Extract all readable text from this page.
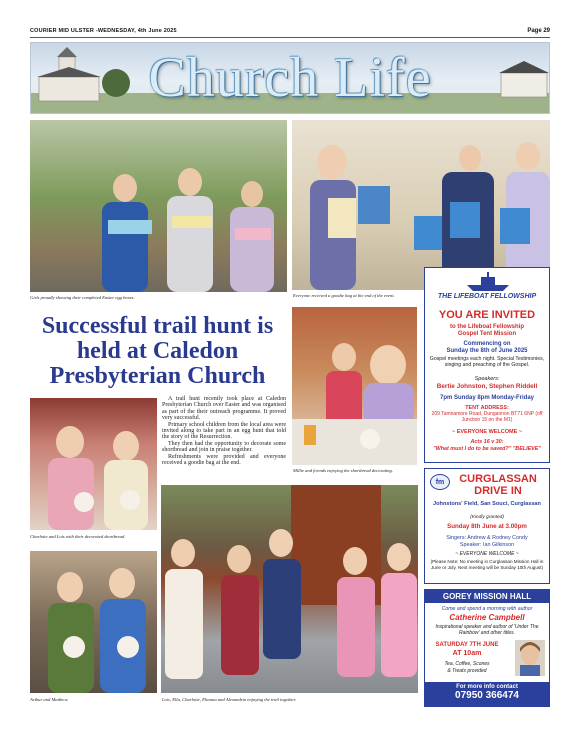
COURIER MID ULSTER -WEDNESDAY, 4th June 2025	Page 29
Church Life
Girls proudly showing their completed Easter egg boxes.	Everyone received a goodie bag at the end of the event.
Successful trail hunt is held at Caledon Presbyterian Church

A trail hunt recently took place at Caledon Presbyterian Church over Easter and was organised as part of the their outreach programme. It proved very successful.

Primary school children from the local area were invited along to take part in an egg hunt that told the story of the Resurrection.

They then had the opportunity to decorate some shortbread and join in praise together.

Refreshments were provided and everyone received a goodie bag at the end.

Millie and friends enjoying the shortbread decorating.
Charlotte and Lois with their decorated shortbread.
Arthur and Matthew.	Lois, Ella, Charlotte, Elianna and Alexandria enjoying the trail together.
THE LIFEBOAT FELLOWSHIP
YOU ARE INVITED
to the Lifeboat Fellowship
Gospel Tent Mission
Commencing on
Sunday the 8th of June 2025
Gospel meetings each night. Special Testimonies, singing and preaching of the Gospel.
Speakers:
Bertie Johnston, Stephen Riddell
7pm Sunday 8pm Monday-Friday
TENT ADDRESS:
209 Tamnamore Road, Dungannon BT71 6NP (off Junction 15 on the M1)
~ EVERYONE WELCOME ~
Acts 16 v 30:
"What must I do to be saved?" "BELIEVE"
fm	CURGLASSAN
DRIVE IN
Johnstons' Field, San Souci, Curglassan
(Kindly granted)
Sunday 8th June at 3.00pm
Singers: Andrew & Rodney Condy
Speaker: Ian Gilkinson
~ EVERYONE WELCOME ~
(Please Note: No meeting in Curglassan Mission Hall in June or July. Next meeting will be Sunday 10th August)
GOREY MISSION HALL
Come and spend a morning with author
Catherine Campbell
Inspirational speaker and author of 'Under The Rainbow' and other titles.
SATURDAY 7TH JUNE
AT 10am
Tea, Coffee, Scones
& Treats provided
For more info contact
07950 366474
